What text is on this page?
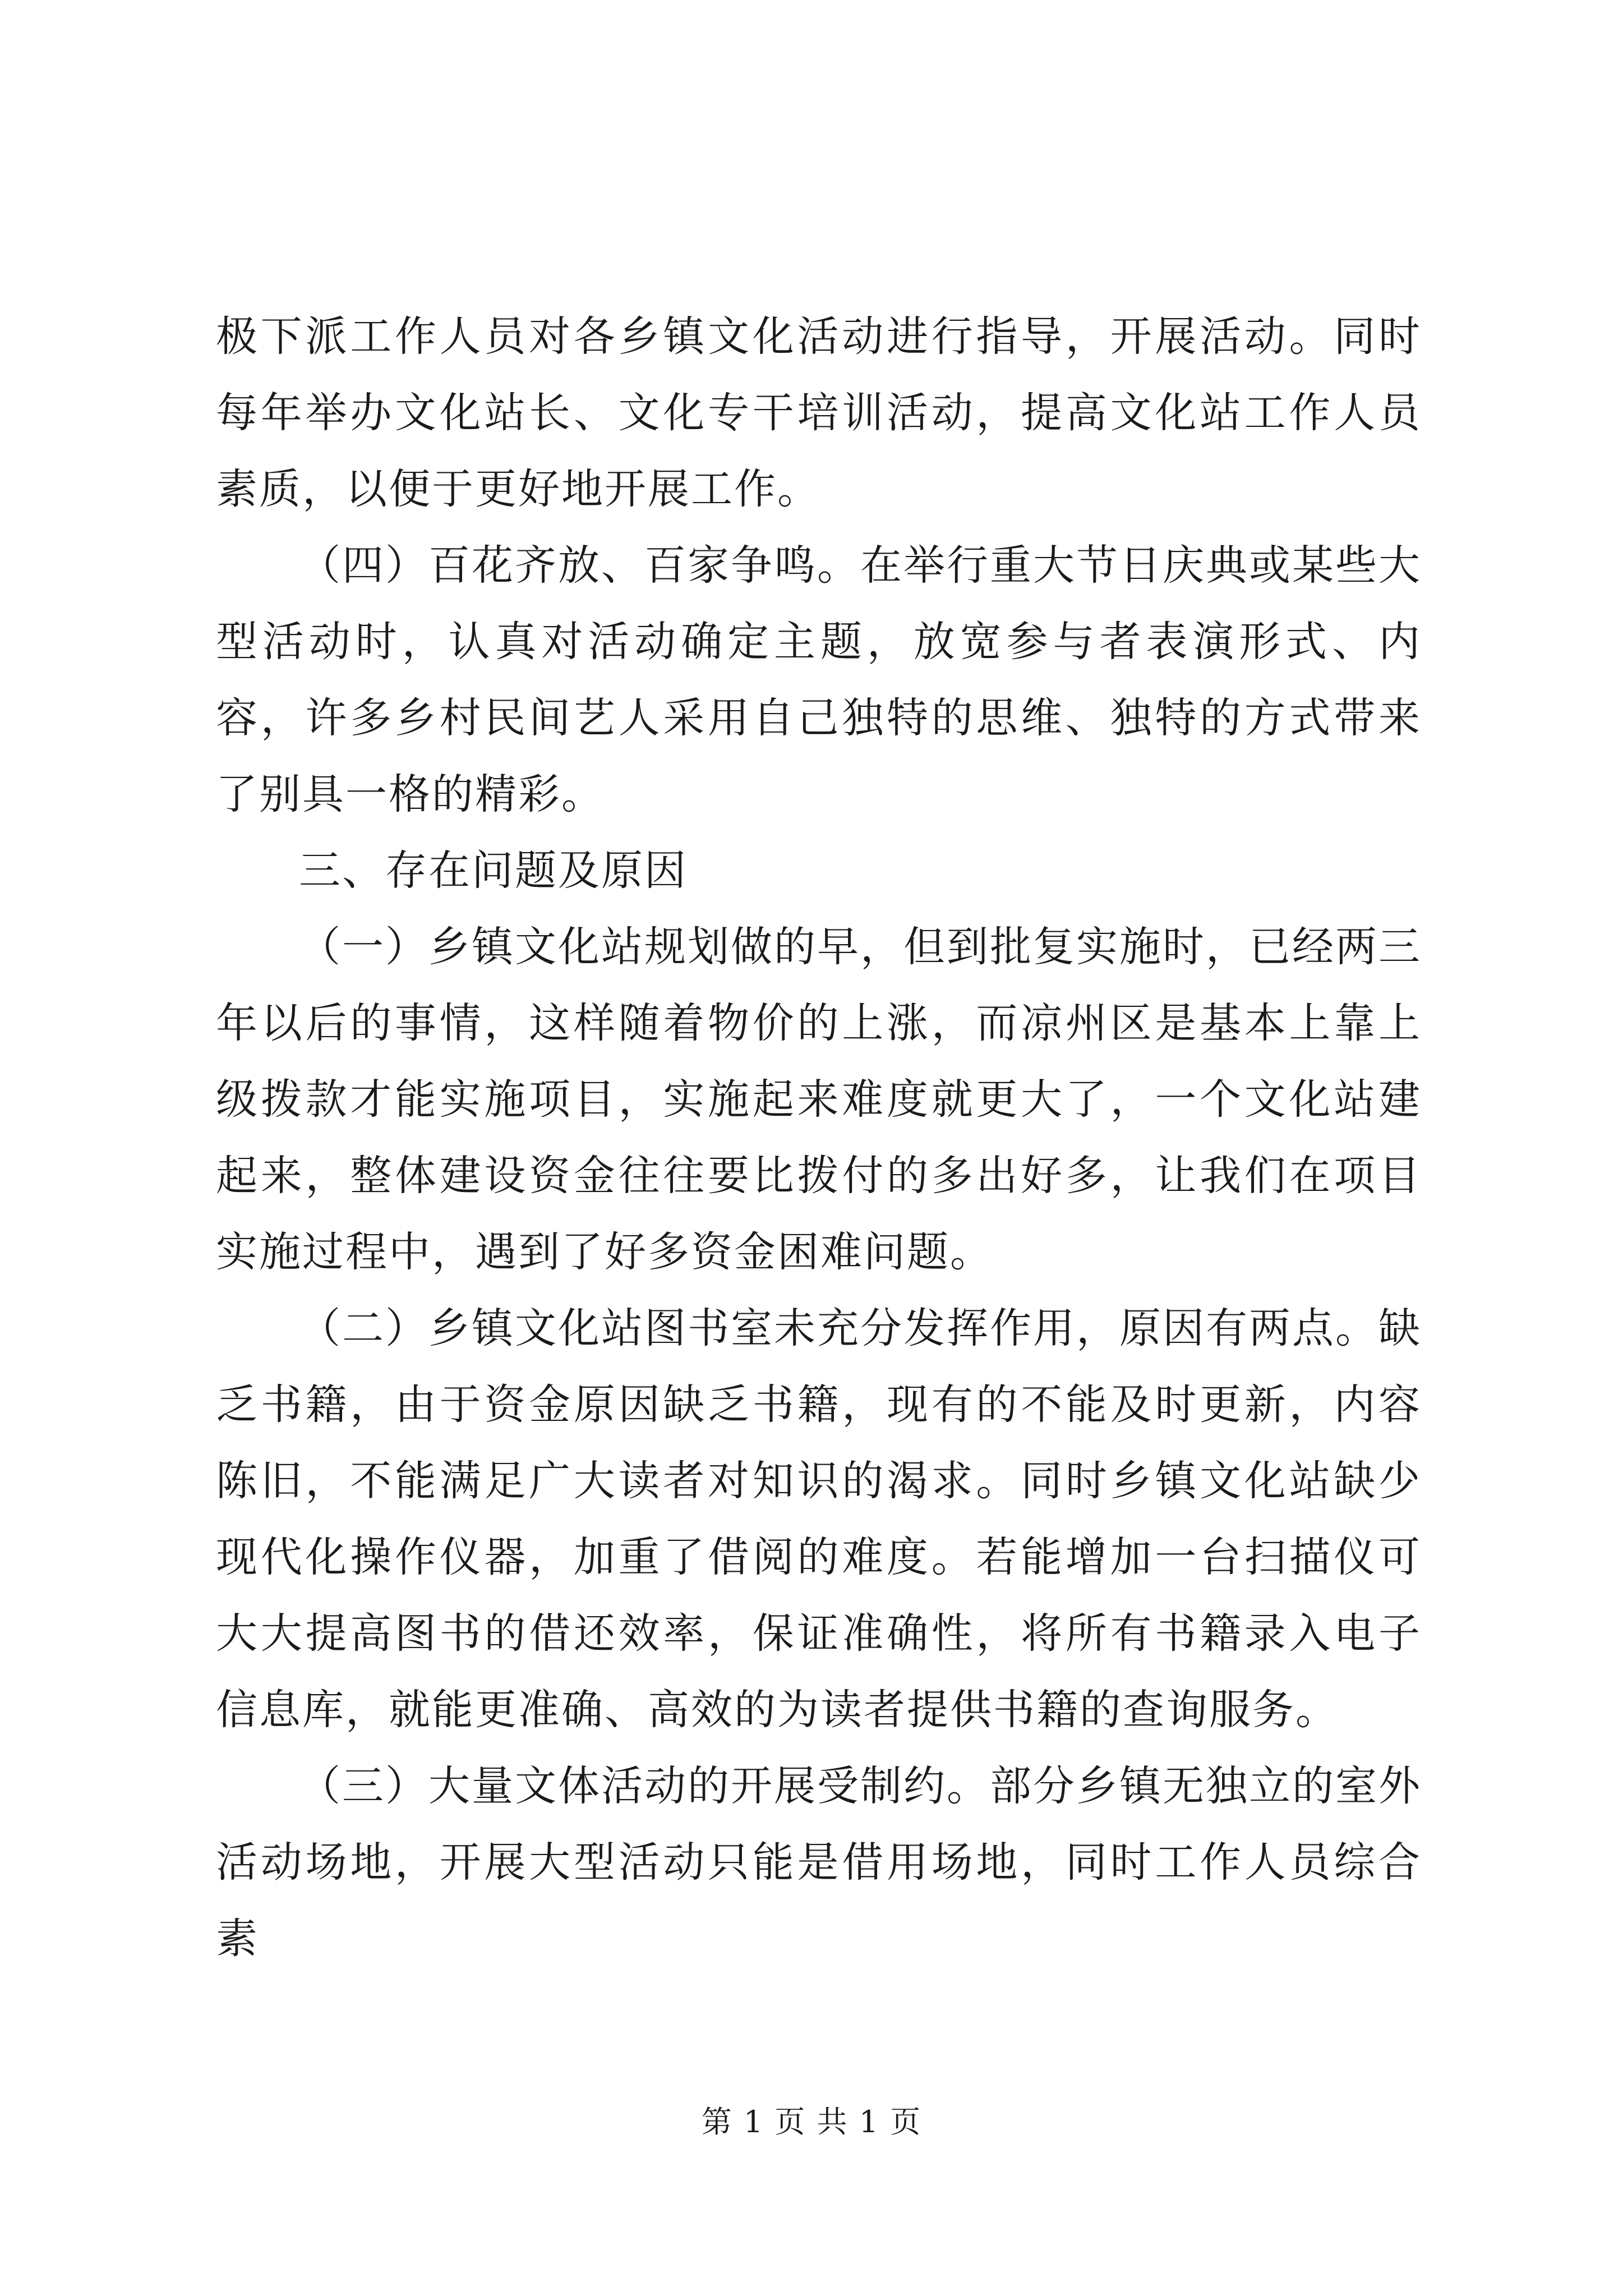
极下派工作人员对各乡镇文化活动进行指导，开展活动。同时每年举办文化站长、文化专干培训活动，提高文化站工作人员素质，以便于更好地开展工作。

（四）百花齐放、百家争鸣。在举行重大节日庆典或某些大型活动时，认真对活动确定主题，放宽参与者表演形式、内容，许多乡村民间艺人采用自己独特的思维、独特的方式带来了别具一格的精彩。

三、存在问题及原因

（一）乡镇文化站规划做的早，但到批复实施时，已经两三年以后的事情，这样随着物价的上涨，而凉州区是基本上靠上级拨款才能实施项目，实施起来难度就更大了，一个文化站建起来，整体建设资金往往要比拨付的多出好多，让我们在项目实施过程中，遇到了好多资金困难问题。

（二）乡镇文化站图书室未充分发挥作用，原因有两点。缺乏书籍，由于资金原因缺乏书籍，现有的不能及时更新，内容陈旧，不能满足广大读者对知识的渴求。同时乡镇文化站缺少现代化操作仪器，加重了借阅的难度。若能增加一台扫描仪可大大提高图书的借还效率，保证准确性，将所有书籍录入电子信息库，就能更准确、高效的为读者提供书籍的查询服务。

（三）大量文体活动的开展受制约。部分乡镇无独立的室外活动场地，开展大型活动只能是借用场地，同时工作人员综合素

第 1 页 共 1 页
